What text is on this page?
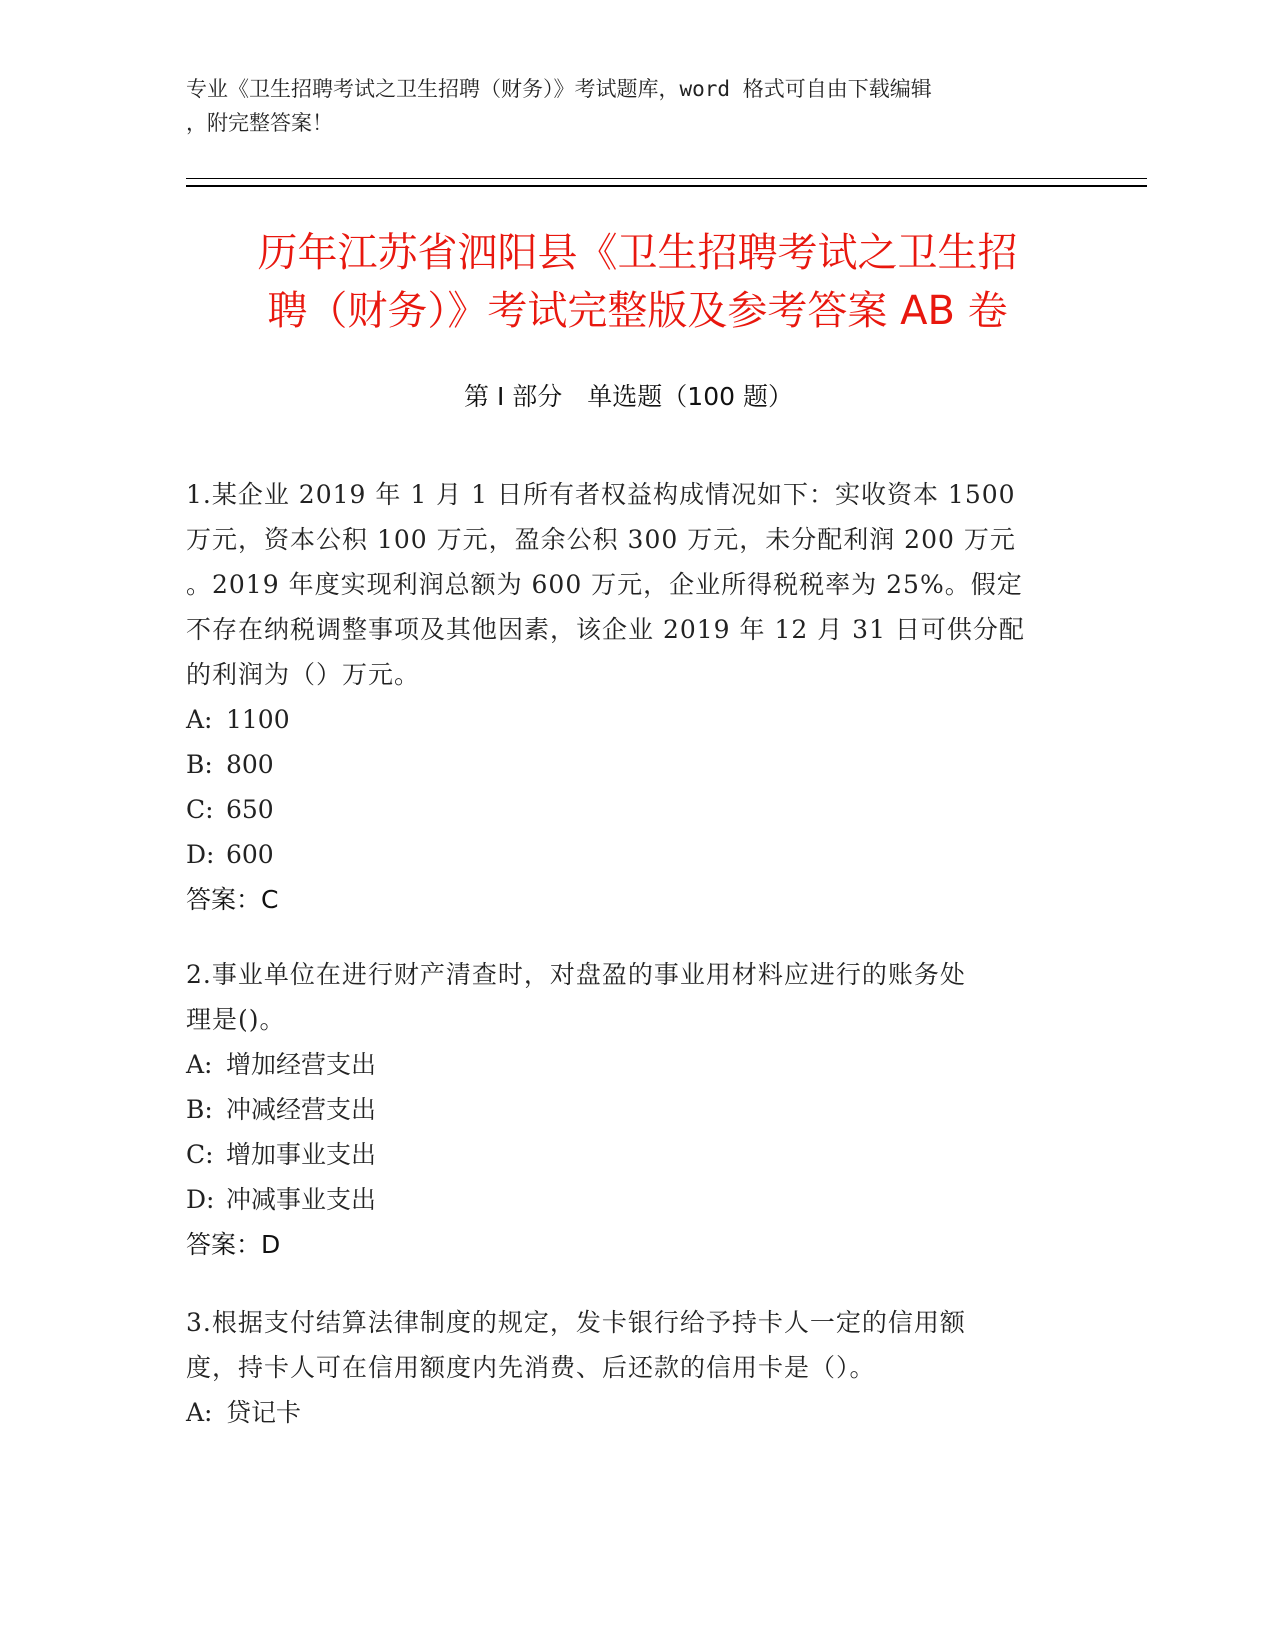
专业《卫生招聘考试之卫生招聘（财务）》考试题库，word 格式可自由下载编辑
，附完整答案！
历年江苏省泗阳县《卫生招聘考试之卫生招
聘（财务）》考试完整版及参考答案 AB 卷
第 I 部分　单选题（100 题）
1.某企业 2019 年 1 月 1 日所有者权益构成情况如下：实收资本 1500
万元，资本公积 100 万元，盈余公积 300 万元，未分配利润 200 万元
。2019 年度实现利润总额为 600 万元，企业所得税税率为 25%。假定
不存在纳税调整事项及其他因素，该企业 2019 年 12 月 31 日可供分配
的利润为（）万元。
A: 1100
B: 800
C: 650
D: 600
答案：C
2.事业单位在进行财产清查时，对盘盈的事业用材料应进行的账务处
理是()。
A: 增加经营支出
B: 冲减经营支出
C: 增加事业支出
D: 冲减事业支出
答案：D
3.根据支付结算法律制度的规定，发卡银行给予持卡人一定的信用额
度，持卡人可在信用额度内先消费、后还款的信用卡是（）。
A: 贷记卡
